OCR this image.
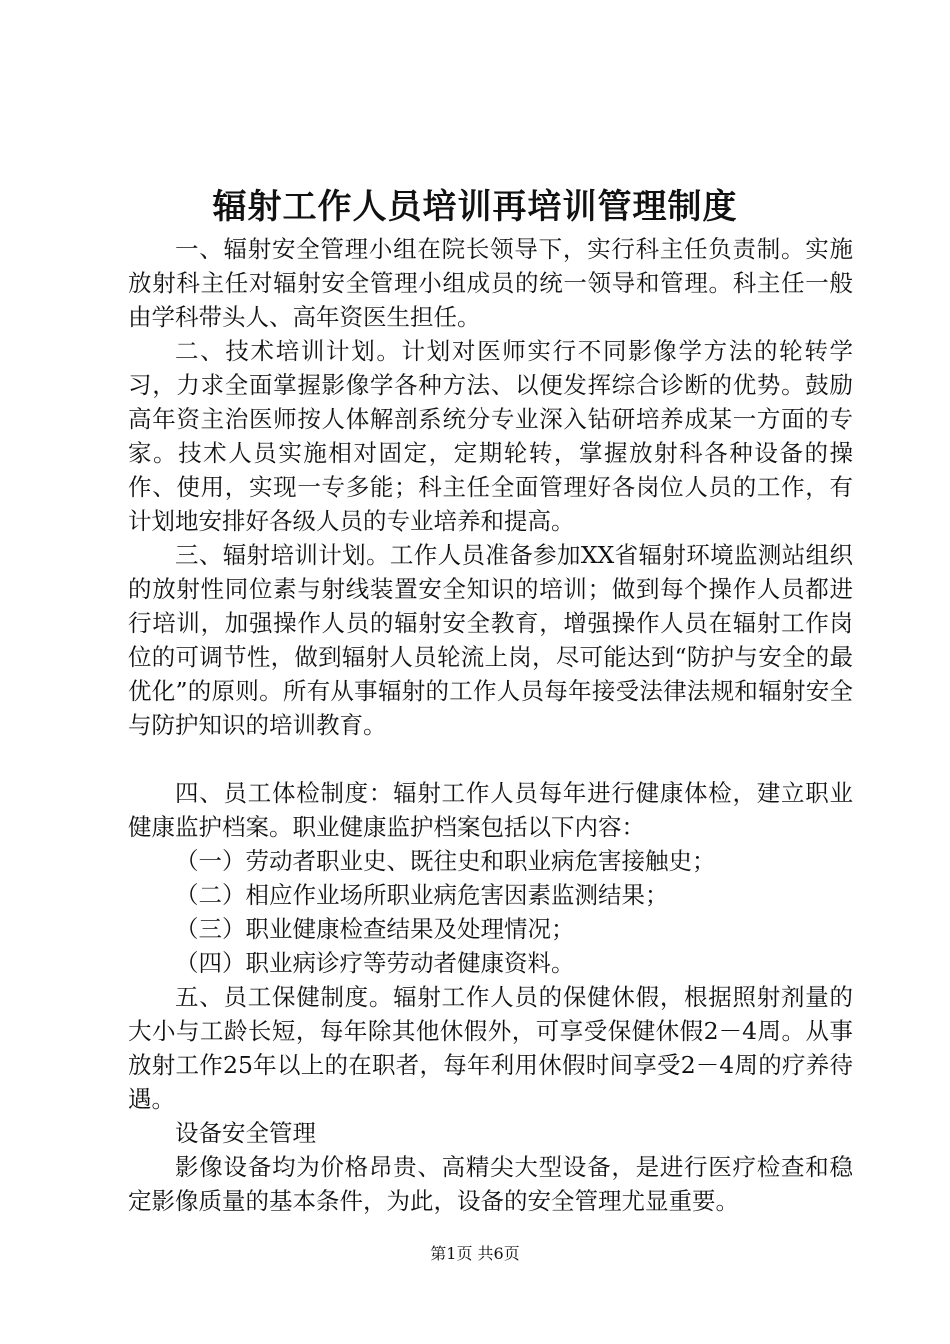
辐射工作人员培训再培训管理制度

一、辐射安全管理小组在院长领导下，实行科主任负责制。实施放射科主任对辐射安全管理小组成员的统一领导和管理。科主任一般由学科带头人、高年资医生担任。

二、技术培训计划。计划对医师实行不同影像学方法的轮转学习，力求全面掌握影像学各种方法、以便发挥综合诊断的优势。鼓励高年资主治医师按人体解剖系统分专业深入钻研培养成某一方面的专家。技术人员实施相对固定，定期轮转，掌握放射科各种设备的操作、使用，实现一专多能；科主任全面管理好各岗位人员的工作，有计划地安排好各级人员的专业培养和提高。

三、辐射培训计划。工作人员准备参加XX省辐射环境监测站组织的放射性同位素与射线装置安全知识的培训；做到每个操作人员都进行培训，加强操作人员的辐射安全教育，增强操作人员在辐射工作岗位的可调节性，做到辐射人员轮流上岗，尽可能达到“防护与安全的最优化”的原则。所有从事辐射的工作人员每年接受法律法规和辐射安全与防护知识的培训教育。

四、员工体检制度：辐射工作人员每年进行健康体检，建立职业健康监护档案。职业健康监护档案包括以下内容：

（一）劳动者职业史、既往史和职业病危害接触史；

（二）相应作业场所职业病危害因素监测结果；

（三）职业健康检查结果及处理情况；

（四）职业病诊疗等劳动者健康资料。

五、员工保健制度。辐射工作人员的保健休假，根据照射剂量的大小与工龄长短，每年除其他休假外，可享受保健休假2－4周。从事放射工作25年以上的在职者，每年利用休假时间享受2－4周的疗养待遇。

设备安全管理

影像设备均为价格昂贵、高精尖大型设备，是进行医疗检查和稳定影像质量的基本条件，为此，设备的安全管理尤显重要。

第1页 共6页
